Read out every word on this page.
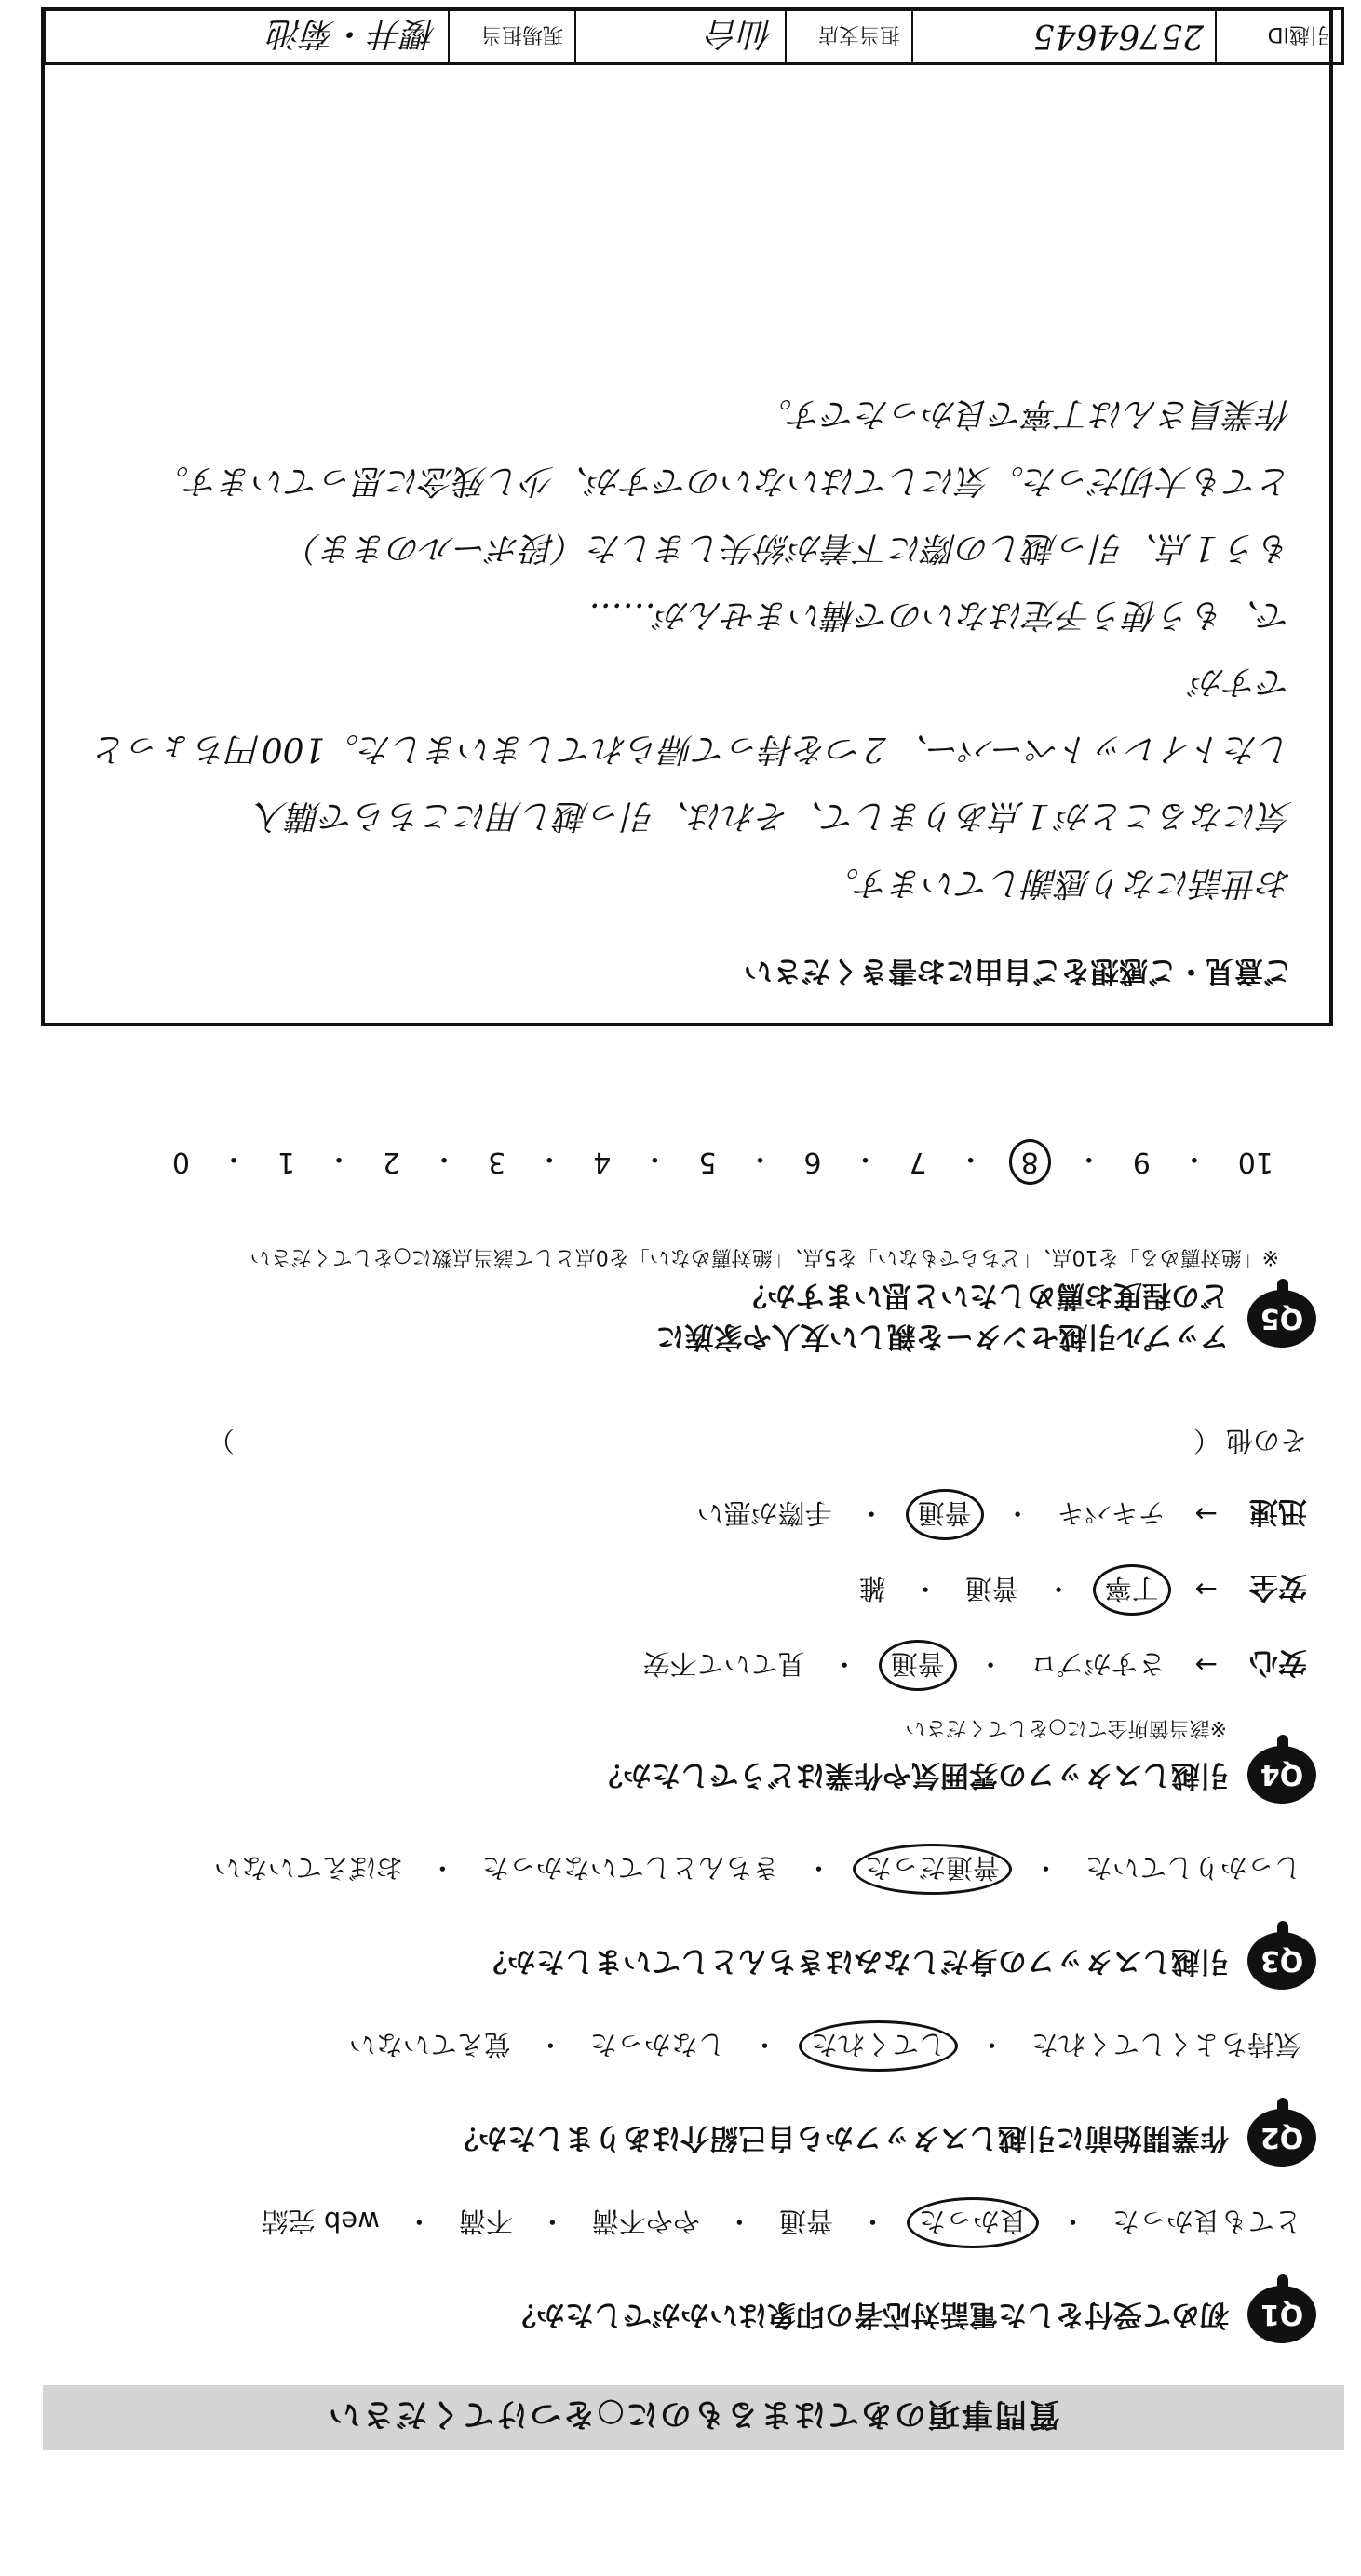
質問事項のあてはまるものに○をつけてください
Q1
初めて受付をした電話対応者の印象はいかがでしたか？
とても良かった
・
良かった
・
普通
・
やや不満
・
不満
・
web 完結
Q2
作業開始前に引越しスタッフから自己紹介はありましたか？
気持ちよくしてくれた
・
してくれた
・
しなかった
・
覚えていない
Q3
引越しスタッフの身だしなみはきちんとしていましたか？
しっかりしていた
・
普通だった
・
きちんとしていなかった
・
おぼえていない
Q4
引越しスタッフの雰囲気や作業はどうでしたか？
※該当箇所全てに○をしてください
安心
→
さすがプロ
・
普通
・
見ていて不安
安全
→
丁寧
・
普通
・
雑
迅速
→
テキパキ
・
普通
・
手際が悪い
その他
（
）
Q5
アップル引越センターを親しい友人や家族に
どの程度お薦めしたいと思いますか？
※「絶対薦める」を10点、「どちらでもない」を5点、「絶対薦めない」を0点として該当点数に○をしてください
10
・
9
・
8
・
7
・
6
・
5
・
4
・
3
・
2
・
1
・
0
ご意見・ご感想をご自由にお書きください

お世話になり感謝しています。

気になることが１点ありまして、それは、引っ越し用にこちらで購入

したトイレットペーパー、２つを持って帰られてしまいました。100円ちょっとですが

で、もう使う予定はないので構いませんが……

もう１点、引っ越しの際に下着が紛失しました（段ボールのまま）

とても大切だった。気にしてはいないのですが、少し残念に思っています。

作業員さんは丁寧で良かったです。

引越ID
25764645
担当支店
仙台
現場担当
櫻井・菊池
